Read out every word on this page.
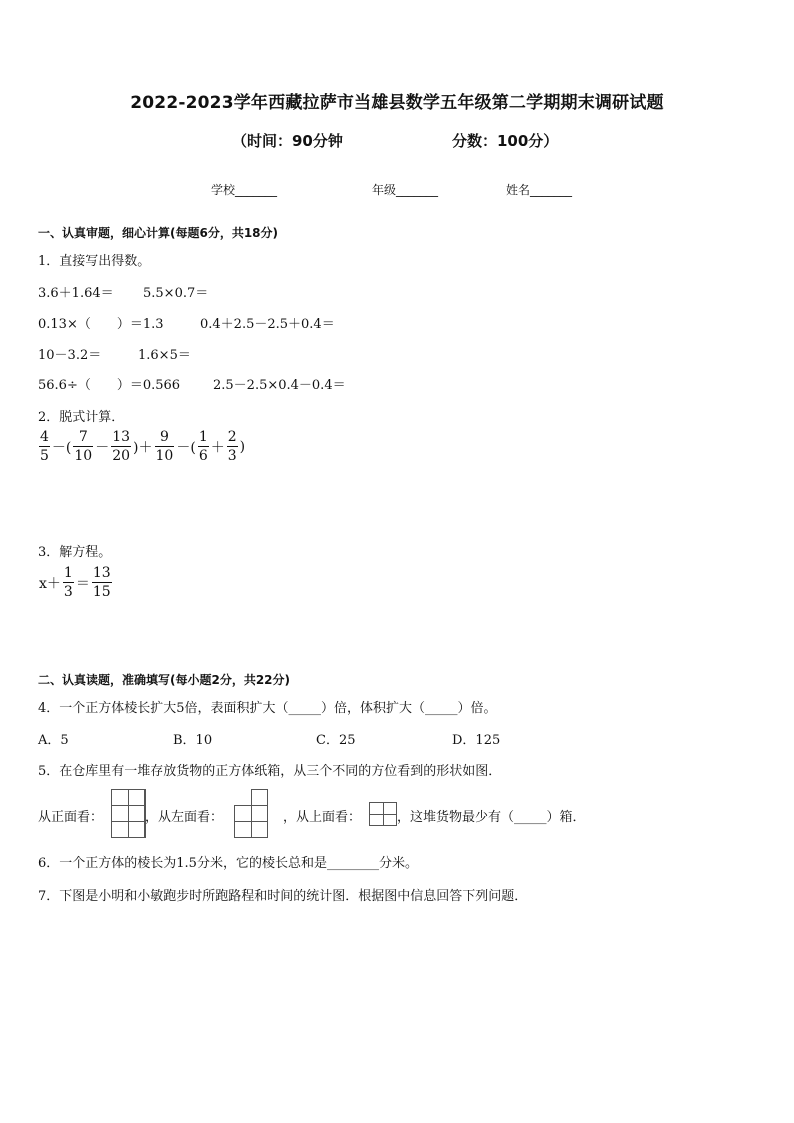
2022-2023学年西藏拉萨市当雄县数学五年级第二学期期末调研试题
（时间：90分钟	分数：100分）
学校_______	年级_______	姓名_______
一、认真审题，细心计算(每题6分，共18分)
1．直接写出得数。
3.6＋1.64＝ 5.5×0.7＝
0.13×（　　）＝1.3	0.4＋2.5－2.5＋0.4＝
10－3.2＝	1.6×5＝
56.6÷（　　）＝0.566	2.5－2.5×0.4－0.4＝
2．脱式计算．
$\frac{4}{5}$ －( $\frac{7}{10} - \frac{13}{20}$ )＋ $\frac{9}{10}$ －( $\frac{1}{6} + \frac{2}{3}$ )
3．解方程。
$x+ \frac{1}{3} = \frac{13}{15}$
二、认真读题，准确填写(每小题2分，共22分)
4．一个正方体棱长扩大5倍，表面积扩大（_____）倍，体积扩大（_____）倍。
A．5	B．10	C．25	D．125
5．在仓库里有一堆存放货物的正方体纸箱，从三个不同的方位看到的形状如图．
从正面看：	，从左面看：	，从上面看：	，这堆货物最少有（_____）箱．
6．一个正方体的棱长为1.5分米，它的棱长总和是________分米。
7．下图是小明和小敏跑步时所跑路程和时间的统计图．根据图中信息回答下列问题．
